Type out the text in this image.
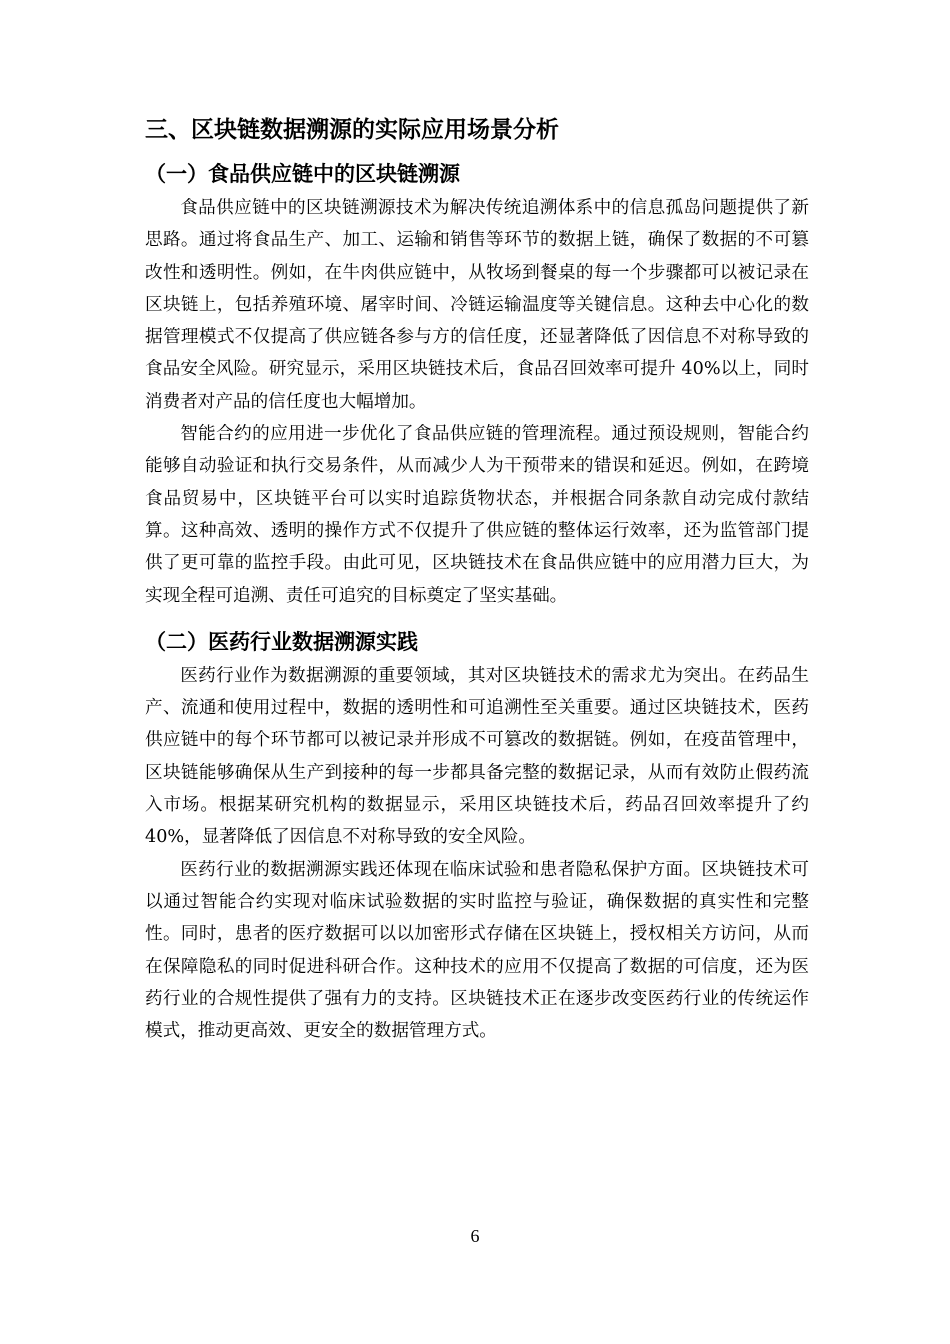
三、区块链数据溯源的实际应用场景分析
（一）食品供应链中的区块链溯源

食品供应链中的区块链溯源技术为解决传统追溯体系中的信息孤岛问题提供了新思路。通过将食品生产、加工、运输和销售等环节的数据上链，确保了数据的不可篡改性和透明性。例如，在牛肉供应链中，从牧场到餐桌的每一个步骤都可以被记录在区块链上，包括养殖环境、屠宰时间、冷链运输温度等关键信息。这种去中心化的数据管理模式不仅提高了供应链各参与方的信任度，还显著降低了因信息不对称导致的食品安全风险。研究显示，采用区块链技术后，食品召回效率可提升 40%以上，同时消费者对产品的信任度也大幅增加。

智能合约的应用进一步优化了食品供应链的管理流程。通过预设规则，智能合约能够自动验证和执行交易条件，从而减少人为干预带来的错误和延迟。例如，在跨境食品贸易中，区块链平台可以实时追踪货物状态，并根据合同条款自动完成付款结算。这种高效、透明的操作方式不仅提升了供应链的整体运行效率，还为监管部门提供了更可靠的监控手段。由此可见，区块链技术在食品供应链中的应用潜力巨大，为实现全程可追溯、责任可追究的目标奠定了坚实基础。

（二）医药行业数据溯源实践

医药行业作为数据溯源的重要领域，其对区块链技术的需求尤为突出。在药品生产、流通和使用过程中，数据的透明性和可追溯性至关重要。通过区块链技术，医药供应链中的每个环节都可以被记录并形成不可篡改的数据链。例如，在疫苗管理中，区块链能够确保从生产到接种的每一步都具备完整的数据记录，从而有效防止假药流入市场。根据某研究机构的数据显示，采用区块链技术后，药品召回效率提升了约 40%，显著降低了因信息不对称导致的安全风险。

医药行业的数据溯源实践还体现在临床试验和患者隐私保护方面。区块链技术可以通过智能合约实现对临床试验数据的实时监控与验证，确保数据的真实性和完整性。同时，患者的医疗数据可以以加密形式存储在区块链上，授权相关方访问，从而在保障隐私的同时促进科研合作。这种技术的应用不仅提高了数据的可信度，还为医药行业的合规性提供了强有力的支持。区块链技术正在逐步改变医药行业的传统运作模式，推动更高效、更安全的数据管理方式。

6
